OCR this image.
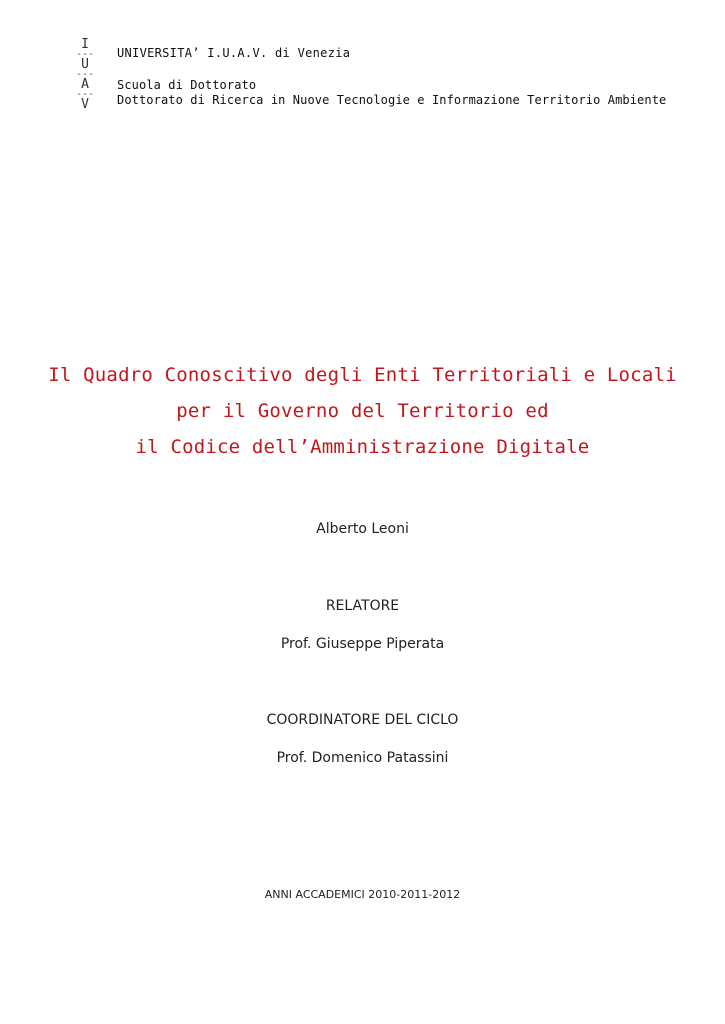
I
---
U
---
A
---
V
UNIVERSITA’ I.U.A.V. di Venezia
Scuola di Dottorato
Dottorato di Ricerca in Nuove Tecnologie e Informazione Territorio Ambiente
Il Quadro Conoscitivo degli Enti Territoriali e Locali
per il Governo del Territorio ed
il Codice dell’Amministrazione Digitale
Alberto Leoni
RELATORE
Prof. Giuseppe Piperata
COORDINATORE DEL CICLO
Prof. Domenico Patassini
ANNI ACCADEMICI 2010-2011-2012
